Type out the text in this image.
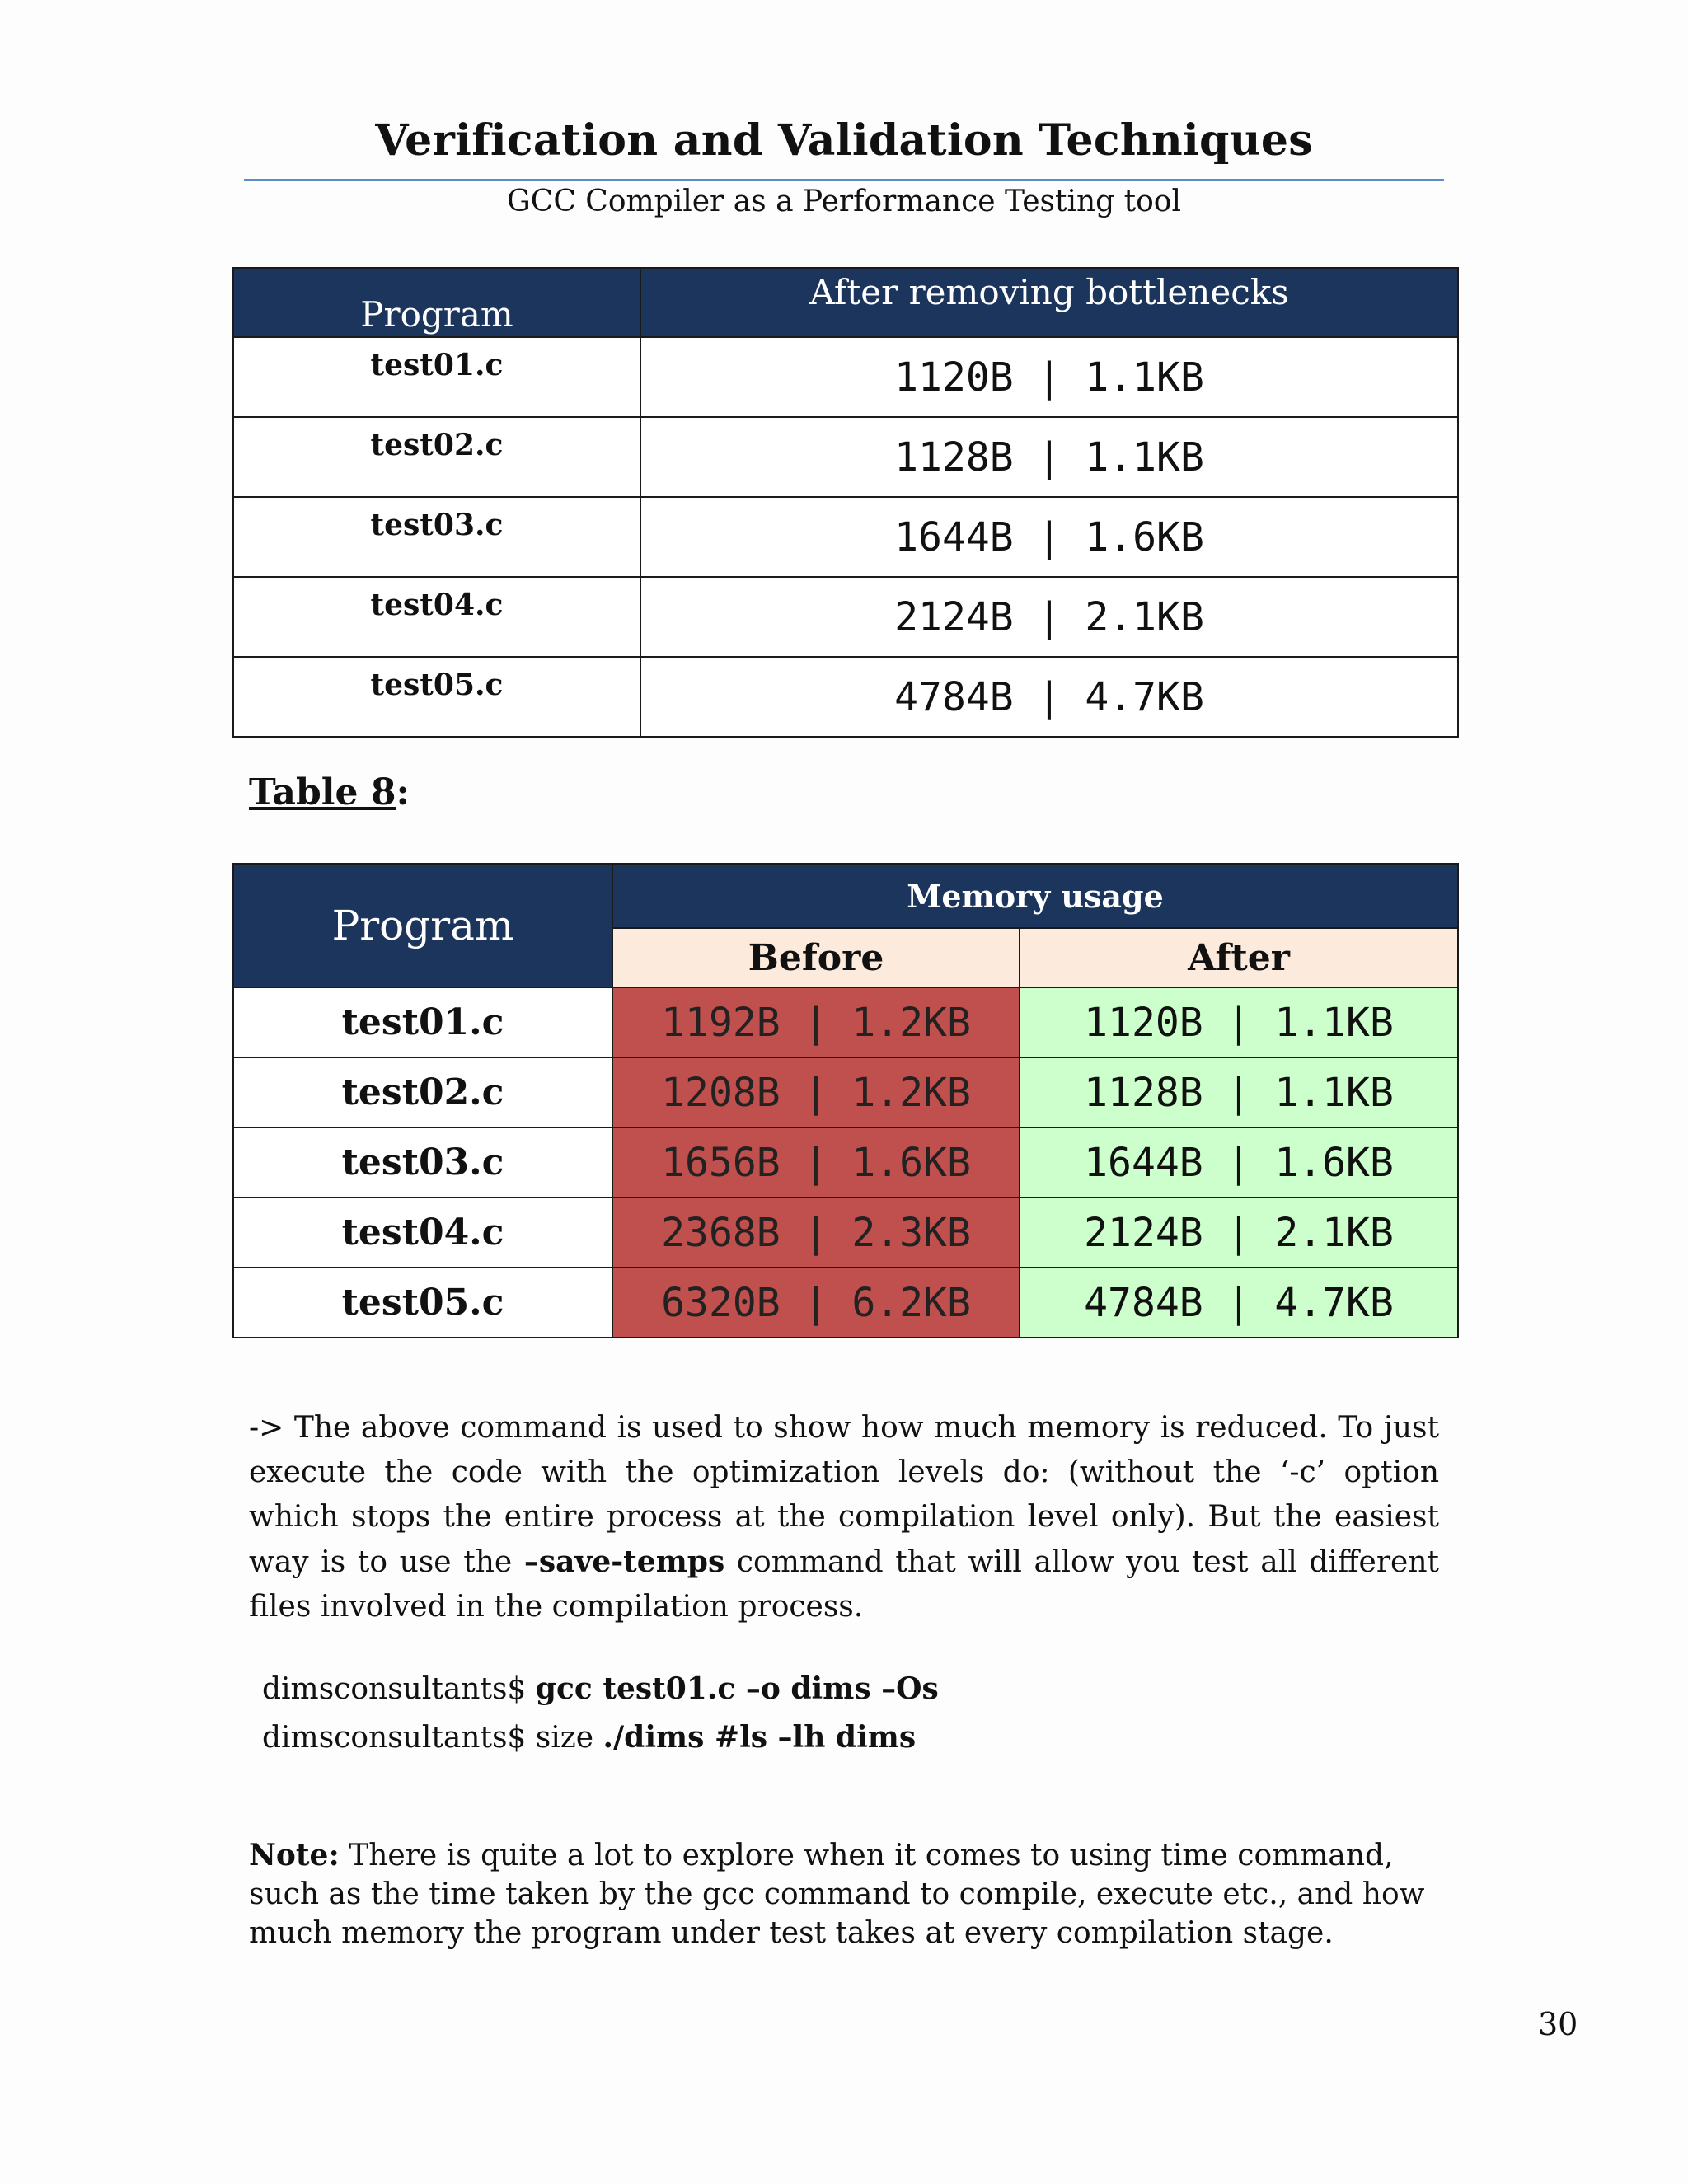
Verification and Validation Techniques
GCC Compiler as a Performance Testing tool
Program	After removing bottlenecks
test01.c	1120B | 1.1KB
test02.c	1128B | 1.1KB
test03.c	1644B | 1.6KB
test04.c	2124B | 2.1KB
test05.c	4784B | 4.7KB
Table 8:
Program	Memory usage	
	Before	After
test01.c	1192B | 1.2KB	1120B | 1.1KB
test02.c	1208B | 1.2KB	1128B | 1.1KB
test03.c	1656B | 1.6KB	1644B | 1.6KB
test04.c	2368B | 2.3KB	2124B | 2.1KB
test05.c	6320B | 6.2KB	4784B | 4.7KB
-> The above command is used to show how much memory is reduced. To just execute the code with the optimization levels do: (without the ‘-c’ option which stops the entire process at the compilation level only). But the easiest way is to use the –save-temps command that will allow you test all different files involved in the compilation process.
dimsconsultants$ gcc test01.c –o dims –Os
dimsconsultants$ size ./dims #ls –lh dims
Note: There is quite a lot to explore when it comes to using time command, such as the time taken by the gcc command to compile, execute etc., and how much memory the program under test takes at every compilation stage.
30
